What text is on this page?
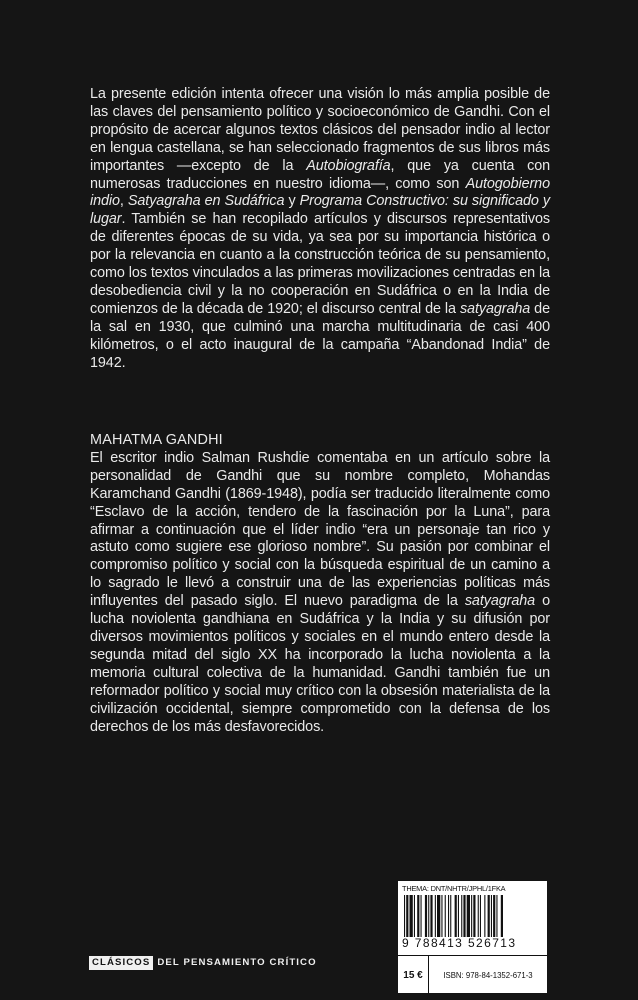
La presente edición intenta ofrecer una visión lo más amplia posible de las claves del pensamiento político y socioeconómico de Gandhi. Con el propósito de acercar algunos textos clásicos del pensador indio al lector en lengua castellana, se han seleccionado fragmentos de sus libros más importantes —excepto de la Autobiografía, que ya cuenta con numerosas traducciones en nuestro idioma—, como son Autogobierno indio, Satyagraha en Sudáfrica y Programa Constructivo: su significado y lugar. También se han recopilado artículos y discursos representativos de diferentes épocas de su vida, ya sea por su importancia histórica o por la relevancia en cuanto a la construcción teórica de su pensamiento, como los textos vinculados a las primeras movilizaciones centradas en la desobediencia civil y la no cooperación en Sudáfrica o en la India de comienzos de la década de 1920; el discurso central de la satyagraha de la sal en 1930, que culminó una marcha multitudinaria de casi 400 kilómetros, o el acto inaugural de la campaña “Abandonad India” de 1942.

MAHATMA GANDHI

El escritor indio Salman Rushdie comentaba en un artículo sobre la personalidad de Gandhi que su nombre completo, Mohandas Karamchand Gandhi (1869-1948), podía ser traducido literalmente como “Esclavo de la acción, tendero de la fascinación por la Luna”, para afirmar a continuación que el líder indio “era un personaje tan rico y astuto como sugiere ese glorioso nombre”. Su pasión por combinar el compromiso político y social con la búsqueda espiritual de un camino a lo sagrado le llevó a construir una de las experiencias políticas más influyentes del pasado siglo. El nuevo paradigma de la satyagraha o lucha noviolenta gandhiana en Sudáfrica y la India y su difusión por diversos movimientos políticos y sociales en el mundo entero desde la segunda mitad del siglo XX ha incorporado la lucha noviolenta a la memoria cultural colectiva de la humanidad. Gandhi también fue un reformador político y social muy crítico con la obsesión materialista de la civilización occidental, siempre comprometido con la defensa de los derechos de los más desfavorecidos.

THEMA: DNT/NHTR/JPHL/1FKA
9 788413 526713
15 €	ISBN: 978-84-1352-671-3
CLÁSICOS DEL PENSAMIENTO CRÍTICO
